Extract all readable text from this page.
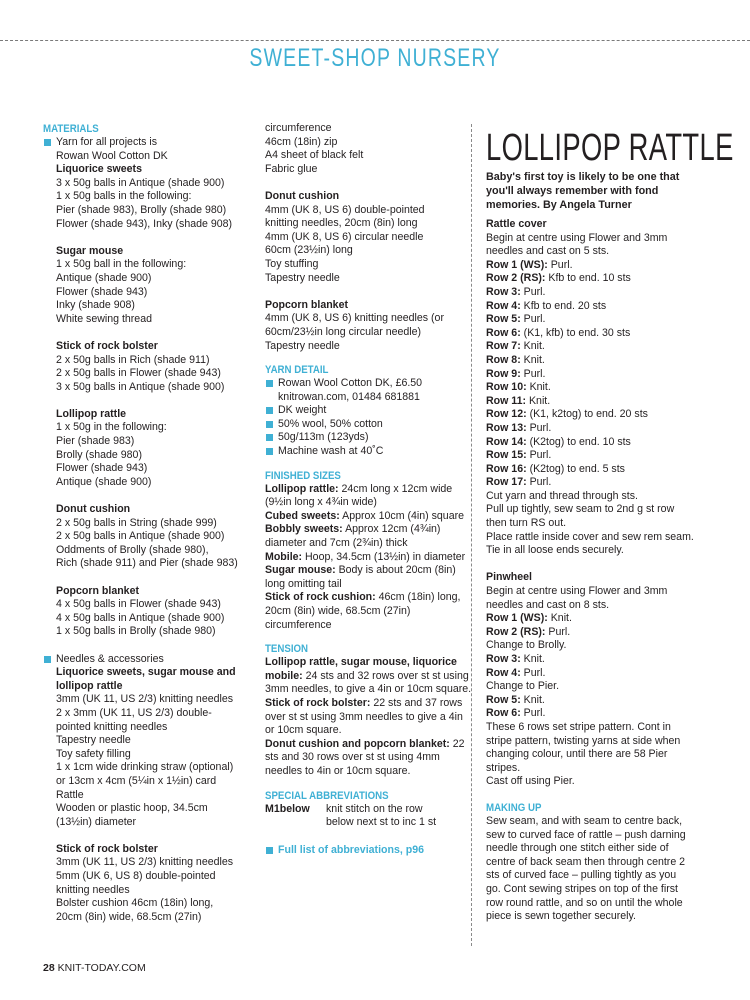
SWEET-SHOP NURSERY
MATERIALS
Yarn for all projects is
Rowan Wool Cotton DK
Liquorice sweets
3 x 50g balls in Antique (shade 900)
1 x 50g balls in the following:
Pier (shade 983), Brolly (shade 980)
Flower (shade 943), Inky (shade 908)
Sugar mouse
1 x 50g ball in the following:
Antique (shade 900)
Flower (shade 943)
Inky (shade 908)
White sewing thread
Stick of rock bolster
2 x 50g balls in Rich (shade 911)
2 x 50g balls in Flower (shade 943)
3 x 50g balls in Antique (shade 900)
Lollipop rattle
1 x 50g in the following:
Pier (shade 983)
Brolly (shade 980)
Flower (shade 943)
Antique (shade 900)
Donut cushion
2 x 50g balls in String (shade 999)
2 x 50g balls in Antique (shade 900)
Oddments of Brolly (shade 980),
Rich (shade 911) and Pier (shade 983)
Popcorn blanket
4 x 50g balls in Flower (shade 943)
4 x 50g balls in Antique (shade 900)
1 x 50g balls in Brolly (shade 980)
Needles & accessories
Liquorice sweets, sugar mouse and
lollipop rattle
3mm (UK 11, US 2/3) knitting needles
2 x 3mm (UK 11, US 2/3) double-
pointed knitting needles
Tapestry needle
Toy safety filling
1 x 1cm wide drinking straw (optional)
or 13cm x 4cm (5¼in x 1½in) card
Rattle
Wooden or plastic hoop, 34.5cm
(13½in) diameter
Stick of rock bolster
3mm (UK 11, US 2/3) knitting needles
5mm (UK 6, US 8) double-pointed
knitting needles
Bolster cushion 46cm (18in) long,
20cm (8in) wide, 68.5cm (27in)
circumference
46cm (18in) zip
A4 sheet of black felt
Fabric glue
Donut cushion
4mm (UK 8, US 6) double-pointed
knitting needles, 20cm (8in) long
4mm (UK 8, US 6) circular needle
60cm (23½in) long
Toy stuffing
Tapestry needle
Popcorn blanket
4mm (UK 8, US 6) knitting needles (or
60cm/23½in long circular needle)
Tapestry needle
YARN DETAIL
Rowan Wool Cotton DK, £6.50
knitrowan.com, 01484 681881
DK weight
50% wool, 50% cotton
50g/113m (123yds)
Machine wash at 40˚C
FINISHED SIZES
Lollipop rattle: 24cm long x 12cm wide (9½in long x 4¾in wide)
Cubed sweets: Approx 10cm (4in) square
Bobbly sweets: Approx 12cm (4¾in) diameter and 7cm (2¾in) thick
Mobile: Hoop, 34.5cm (13½in) in diameter
Sugar mouse: Body is about 20cm (8in) long omitting tail
Stick of rock cushion: 46cm (18in) long, 20cm (8in) wide, 68.5cm (27in) circumference
TENSION
Lollipop rattle, sugar mouse, liquorice mobile: 24 sts and 32 rows over st st using 3mm needles, to give a 4in or 10cm square.
Stick of rock bolster: 22 sts and 37 rows over st st using 3mm needles to give a 4in or 10cm square.
Donut cushion and popcorn blanket: 22 sts and 30 rows over st st using 4mm needles to 4in or 10cm square.
SPECIAL ABBREVIATIONS
M1below	knit stitch on the row
below next st to inc 1 st
Full list of abbreviations, p96
LOLLIPOP RATTLE
Baby's first toy is likely to be one that
you'll always remember with fond
memories. By Angela Turner
Rattle cover
Begin at centre using Flower and 3mm
needles and cast on 5 sts.
Row 1 (WS): Purl.
Row 2 (RS): Kfb to end. 10 sts
Row 3: Purl.
Row 4: Kfb to end. 20 sts
Row 5: Purl.
Row 6: (K1, kfb) to end. 30 sts
Row 7: Knit.
Row 8: Knit.
Row 9: Purl.
Row 10: Knit.
Row 11: Knit.
Row 12: (K1, k2tog) to end. 20 sts
Row 13: Purl.
Row 14: (K2tog) to end. 10 sts
Row 15: Purl.
Row 16: (K2tog) to end. 5 sts
Row 17: Purl.
Cut yarn and thread through sts.
Pull up tightly, sew seam to 2nd g st row
then turn RS out.
Place rattle inside cover and sew rem seam.
Tie in all loose ends securely.
Pinwheel
Begin at centre using Flower and 3mm
needles and cast on 8 sts.
Row 1 (WS): Knit.
Row 2 (RS): Purl.
Change to Brolly.
Row 3: Knit.
Row 4: Purl.
Change to Pier.
Row 5: Knit.
Row 6: Purl.
These 6 rows set stripe pattern. Cont in
stripe pattern, twisting yarns at side when
changing colour, until there are 58 Pier
stripes.
Cast off using Pier.
MAKING UP
Sew seam, and with seam to centre back,
sew to curved face of rattle – push darning
needle through one stitch either side of
centre of back seam then through centre 2
sts of curved face – pulling tightly as you
go. Cont sewing stripes on top of the first
row round rattle, and so on until the whole
piece is sewn together securely.
28 KNIT-TODAY.COM
